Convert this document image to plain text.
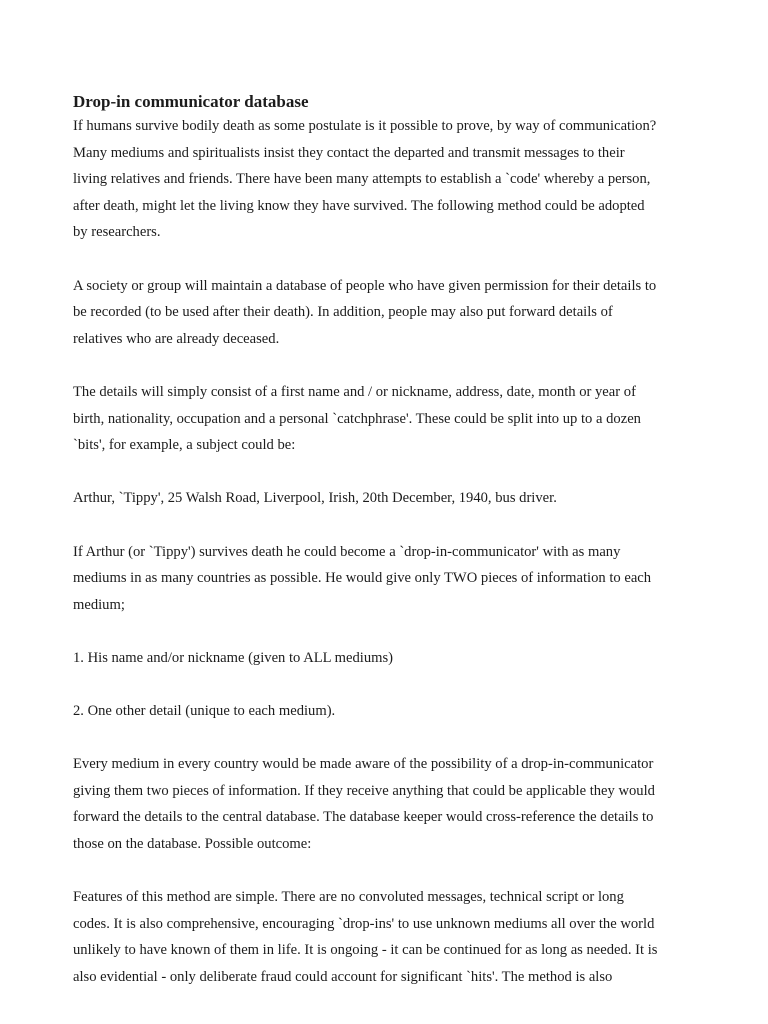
Drop-in communicator database

If humans survive bodily death as some postulate is it possible to prove, by way of communication?
Many mediums and spiritualists insist they contact the departed and transmit messages to their
living relatives and friends. There have been many attempts to establish a `code' whereby a person,
after death, might let the living know they have survived. The following method could be adopted
by researchers.

A society or group will maintain a database of people who have given permission for their details to
be recorded (to be used after their death). In addition, people may also put forward details of
relatives who are already deceased.

The details will simply consist of a first name and / or nickname, address, date, month or year of
birth, nationality, occupation and a personal `catchphrase'. These could be split into up to a dozen
`bits', for example, a subject could be:

Arthur, `Tippy', 25 Walsh Road, Liverpool, Irish, 20th December, 1940, bus driver.

If Arthur (or `Tippy') survives death he could become a `drop-in-communicator' with as many
mediums in as many countries as possible. He would give only TWO pieces of information to each
medium;

1. His name and/or nickname (given to ALL mediums)

2. One other detail (unique to each medium).

Every medium in every country would be made aware of the possibility of a drop-in-communicator
giving them two pieces of information. If they receive anything that could be applicable they would
forward the details to the central database. The database keeper would cross-reference the details to
those on the database. Possible outcome:

Features of this method are simple. There are no convoluted messages, technical script or long
codes. It is also comprehensive, encouraging `drop-ins' to use unknown mediums all over the world
unlikely to have known of them in life. It is ongoing - it can be continued for as long as needed. It is
also evidential - only deliberate fraud could account for significant `hits'. The method is also
